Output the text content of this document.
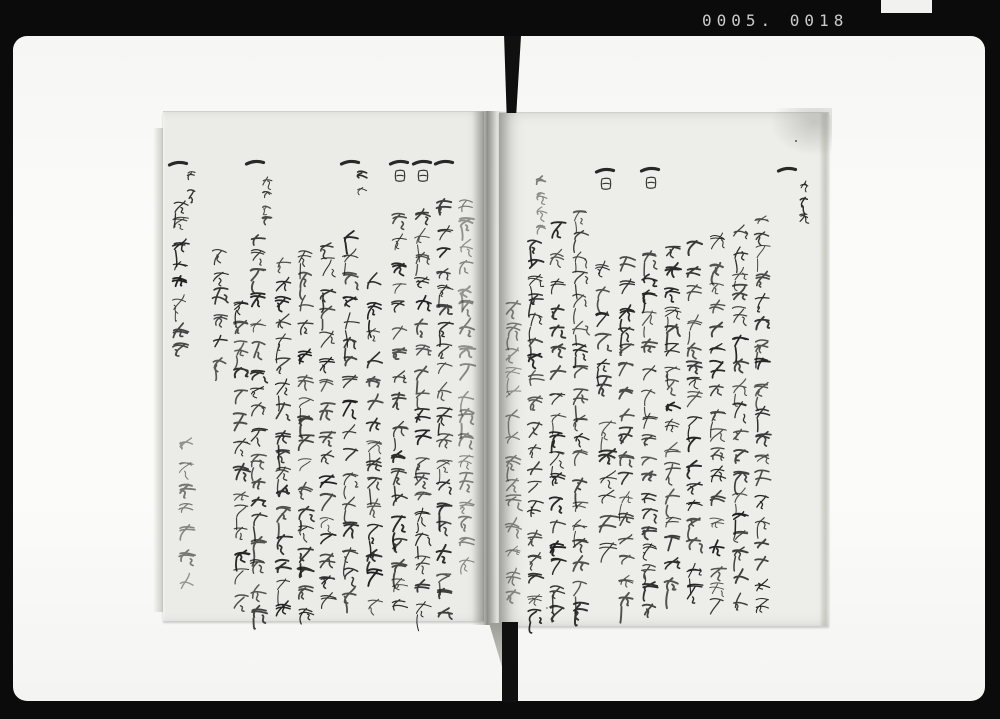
0005. 0018
